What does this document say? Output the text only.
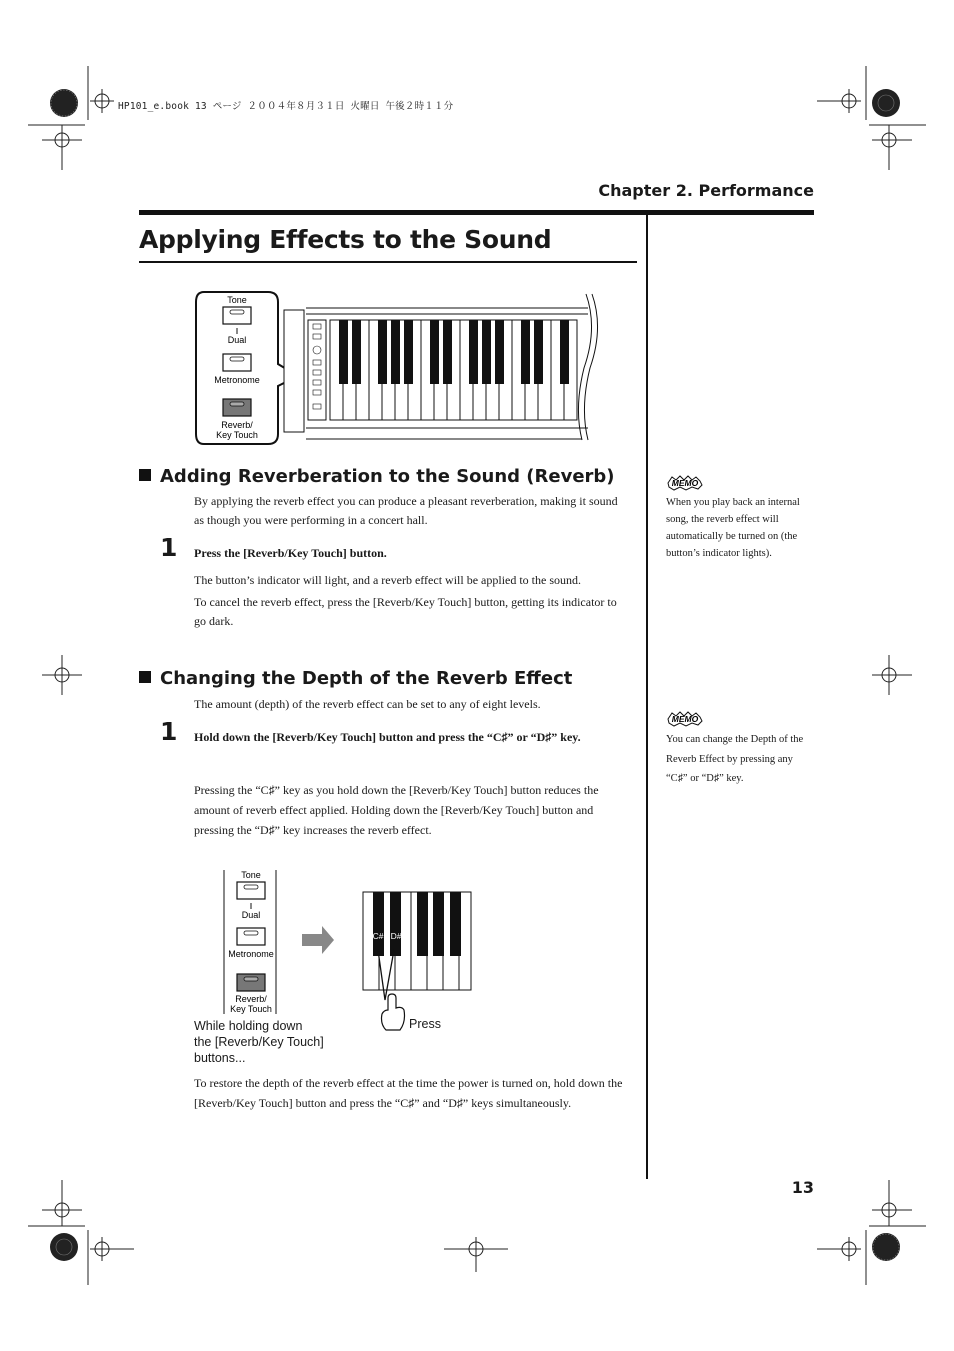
HP101_e.book 13 ページ ２００４年８月３１日 火曜日 午後２時１１分
Chapter 2. Performance
Applying Effects to the Sound
Tone
Dual
Metronome
Reverb/
Key Touch
Adding Reverberation to the Sound (Reverb)
By applying the reverb effect you can produce a pleasant reverberation, making it sound as though you were performing in a concert hall.
1 Press the [Reverb/Key Touch] button.
The button’s indicator will light, and a reverb effect will be applied to the sound.
To cancel the reverb effect, press the [Reverb/Key Touch] button, getting its indicator to go dark.
Changing the Depth of the Reverb Effect
The amount (depth) of the reverb effect can be set to any of eight levels.
1 Hold down the [Reverb/Key Touch] button and press the “C♯” or “D♯” key.
Pressing the “C♯” key as you hold down the [Reverb/Key Touch] button reduces the amount of reverb effect applied. Holding down the [Reverb/Key Touch] button and pressing the “D♯” key increases the reverb effect.
Tone
Dual
Metronome
Reverb/
Key Touch
C# D#
While holding down
the [Reverb/Key Touch]
buttons...
Press
To restore the depth of the reverb effect at the time the power is turned on, hold down the [Reverb/Key Touch] button and press the “C♯” and “D♯” keys simultaneously.
MEMO
When you play back an internal song, the reverb effect will automatically be turned on (the button’s indicator lights).
MEMO
You can change the Depth of the Reverb Effect by pressing any “C♯” or “D♯” key.
13
